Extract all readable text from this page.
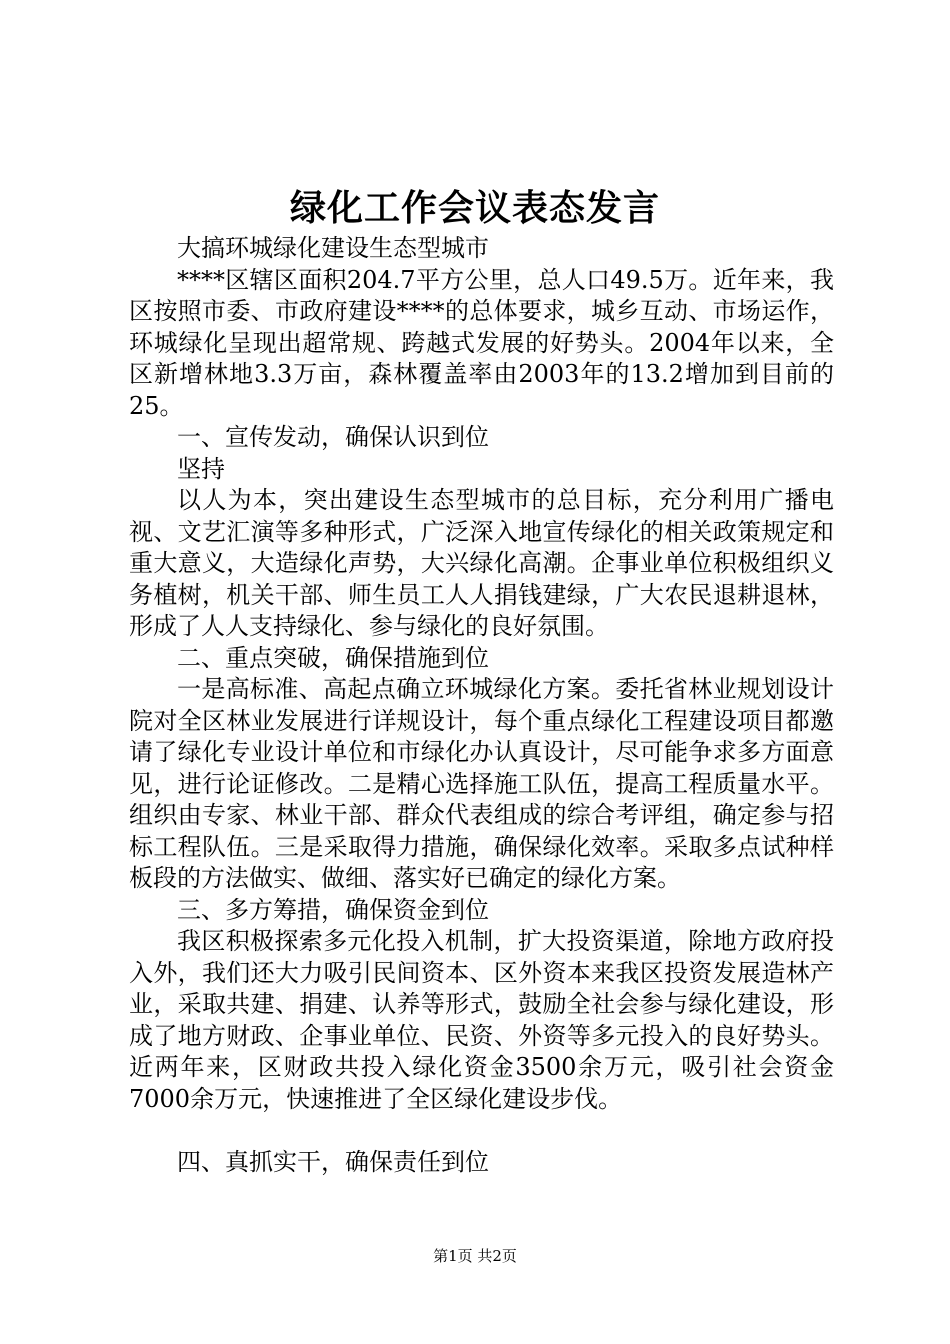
绿化工作会议表态发言

大搞环城绿化建设生态型城市

****区辖区面积204.7平方公里，总人口49.5万。近年来，我区按照市委、市政府建设****的总体要求，城乡互动、市场运作，环城绿化呈现出超常规、跨越式发展的好势头。2004年以来，全区新增林地3.3万亩，森林覆盖率由2003年的13.2增加到目前的25。

一、宣传发动，确保认识到位

坚持

以人为本，突出建设生态型城市的总目标，充分利用广播电视、文艺汇演等多种形式，广泛深入地宣传绿化的相关政策规定和重大意义，大造绿化声势，大兴绿化高潮。企事业单位积极组织义务植树，机关干部、师生员工人人捐钱建绿，广大农民退耕退林，形成了人人支持绿化、参与绿化的良好氛围。

二、重点突破，确保措施到位

一是高标准、高起点确立环城绿化方案。委托省林业规划设计院对全区林业发展进行详规设计，每个重点绿化工程建设项目都邀请了绿化专业设计单位和市绿化办认真设计，尽可能争求多方面意见，进行论证修改。二是精心选择施工队伍，提高工程质量水平。组织由专家、林业干部、群众代表组成的综合考评组，确定参与招标工程队伍。三是采取得力措施，确保绿化效率。采取多点试种样板段的方法做实、做细、落实好已确定的绿化方案。

三、多方筹措，确保资金到位

我区积极探索多元化投入机制，扩大投资渠道，除地方政府投入外，我们还大力吸引民间资本、区外资本来我区投资发展造林产业，采取共建、捐建、认养等形式，鼓励全社会参与绿化建设，形成了地方财政、企事业单位、民资、外资等多元投入的良好势头。近两年来，区财政共投入绿化资金3500余万元，吸引社会资金7000余万元，快速推进了全区绿化建设步伐。

四、真抓实干，确保责任到位

第1页 共2页
